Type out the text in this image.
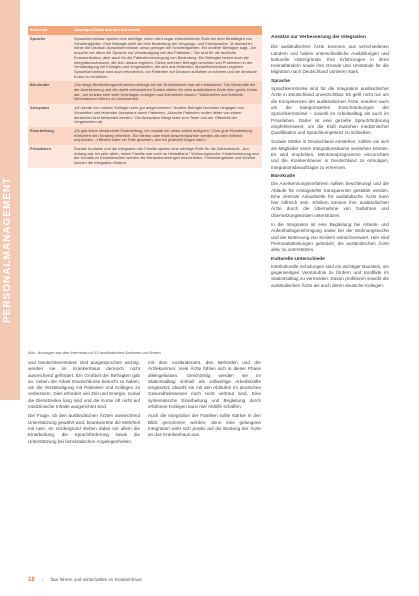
PERSONALMANAGEMENT
Kriterium	Aussagen/Zitate aus den Interviews
Sprache	Sprachkenntnisse spielen eine wichtige, wenn nicht sogar entscheidende Rolle bei dem Bewältigen von Schwierigkeiten. Eine Befragte sieht sie eine Bedeutung der Umgangs- und Fachsprache: Je deutscher, höher die Deutsch-Sprachkenntnisse, umso geringer die Schwierigkeiten. Ein anderer Befragter sagt, „Ich brauche vor allem die Sprache zur Verständigung mit den Patienten.“ Sie sind für die fachliche Kommunikation, aber auch für die Patientenversorgung von Bedeutung. Ein Befragter betont auch die Integrationschancen, die sich daraus ergeben. Gleich mehrere Befragte berichten von Problemen in der Verständigung mit Kollegen und Vorgesetzten, die sich aus fehlenden Sprachkenntnissen ergeben. Sprachkenntnisse sind auch erforderlich, um Patienten auf Deutsch aufklären zu können und die deutsche Kultur zu verstehen.
Bürokratie	„Die lange Bearbeitungszeit meines Antrags bei der Ärztekammer war sehr belastend.“ Die Bürokratie bei der Anerkennung und die damit verbundenen Kosten stellen für viele ausländische Ärzte eine große Hürde dar. „Ich musste sehr viele Unterlagen vorlegen und übersetzen lassen.“ Wartezeiten und fehlende Informationen führen zu Unsicherheit.
Akzeptanz	„Ich wurde von meinen Kollegen sehr gut aufgenommen.“ Andere Befragte berichten hingegen von Vorurteilen und fehlender Akzeptanz durch Patienten. „Manche Patienten wollen lieber von einem deutschen Arzt behandelt werden.“ Die Akzeptanz hängt stark vom Team und der Offenheit der Vorgesetzten ab.
Einarbeitung	„Es gab keine strukturierte Einarbeitung, ich musste mir vieles selbst aneignen.“ Eine gute Einarbeitung erleichtert den Einstieg erheblich. Ein Mentor oder feste Ansprechpartner werden als sehr hilfreich empfunden. „Hilfreich wäre ein Pate gewesen, den ich jederzeit fragen kann.“
Privatleben	Soziale Kontakte und die Integration der Familie spielen eine wichtige Rolle für die Zufriedenheit. „Am Anfang war ich sehr allein, meine Familie war noch im Heimatland.“ Wohnungssuche, Kinderbetreuung und der Kontakt zu Einheimischen werden als Herausforderungen beschrieben. Freizeitangebote und Vereine können die Integration fördern.
Abb.: Aussagen aus den Interviews mit 10 ausländischen Ärztinnen und Ärzten

und Deutschkenntnisse sind ausgesprochen wichtig, werden sie im Krankenhaus dennoch nicht ausreichend gefördert. Ein Großteil der Befragten gab an, neben der Arbeit Deutschkurse besucht zu haben, um die Verständigung mit Patienten und Kollegen zu verbessern. Dies erfordert viel Zeit und Energie, zumal die Dienstzeiten lang sind und die Kurse oft nicht auf medizinische Inhalte ausgerichtet sind.

Die Frage, ob den ausländischen Ärzten ausreichend Unterstützung gewährt wird, beantwortete die Mehrheit mit nein. Im Vordergrund stehen dabei vor allem die Einarbeitung, die Sprachförderung sowie die Unterstützung bei bürokratischen Angelegenheiten.

mit dem Ausländeramt, den Behörden und der Ärztekammer. Viele Ärzte fühlen sich in dieser Phase alleingelassen. Gleichzeitig werden sie im Stationsalltag schnell als vollwertige Arbeitskräfte eingesetzt, obwohl sie mit den Abläufen im deutschen Gesundheitswesen noch nicht vertraut sind. Eine systematische Einarbeitung und Begleitung durch erfahrene Kollegen kann hier Abhilfe schaffen.

Auch die Integration der Familien sollte stärker in den Blick genommen werden, denn eine gelungene Integration wirkt sich positiv auf die Bindung der Ärzte an das Krankenhaus aus.

Ansätze zur Verbesserung der Integration

Die ausländischen Ärzte kommen aus verschiedenen Ländern und haben unterschiedliche Ausbildungen und kulturelle Hintergründe. Ihre Erfahrungen in ihren Heimatländern sowie ihre Gründe und Umstände für die Migration nach Deutschland variieren stark.

Sprache

Sprachkenntnisse sind für die Integration ausländischer Ärzte in Deutschland unverzichtbar. Es geht nicht nur um die Kompetenzen der ausländischen Ärzte, sondern auch um die kategorisierten Einschränkungen der Sprachkenntnisse – sowohl im Arbeitsalltag als auch im Privatleben. Daher ist eine gezielte Sprachförderung empfehlenswert, um die Kluft zwischen medizinischer Qualifikation und Sprachkompetenz zu schließen.

Soziale Stärke in Deutschland entstehen, sollten sie sich als Mitglieder eines Integrationsteams verstehen können. Es wird empfohlen, Mentorenprogramme einzurichten und die Krankenhäuser in Deutschland zu ermutigen, Integrationsbeauftragte zu ernennen.

Bürokratie

Die Anerkennungsverfahren sollten beschleunigt und die Abläufe für Antragsteller transparenter gestaltet werden. Eine zentrale Anlaufstelle für ausländische Ärzte kann hier hilfreich sein. Kliniken können ihre ausländischen Ärzte durch die Übernahme von Gebühren und Übersetzungskosten unterstützen.

In die Integration ist eine Begleitung bei Arbeits- und Aufenthaltsgenehmigung sowie bei der Wohnungssuche und der Betreuung von Kindern wünschenswert. Hier sind Personalabteilungen gefordert, die ausländischen Ärzte aktiv zu unterstützen.

Kulturelle Unterschiede

Interkulturelle Schulungen sind ein wichtiger Baustein, um gegenseitiges Verständnis zu fördern und Konflikte im Stationsalltag zu vermeiden. Davon profitieren sowohl die ausländischen Ärzte als auch deren deutsche Kollegen.

18 I f&w führen und wirtschaften im Krankenhaus
